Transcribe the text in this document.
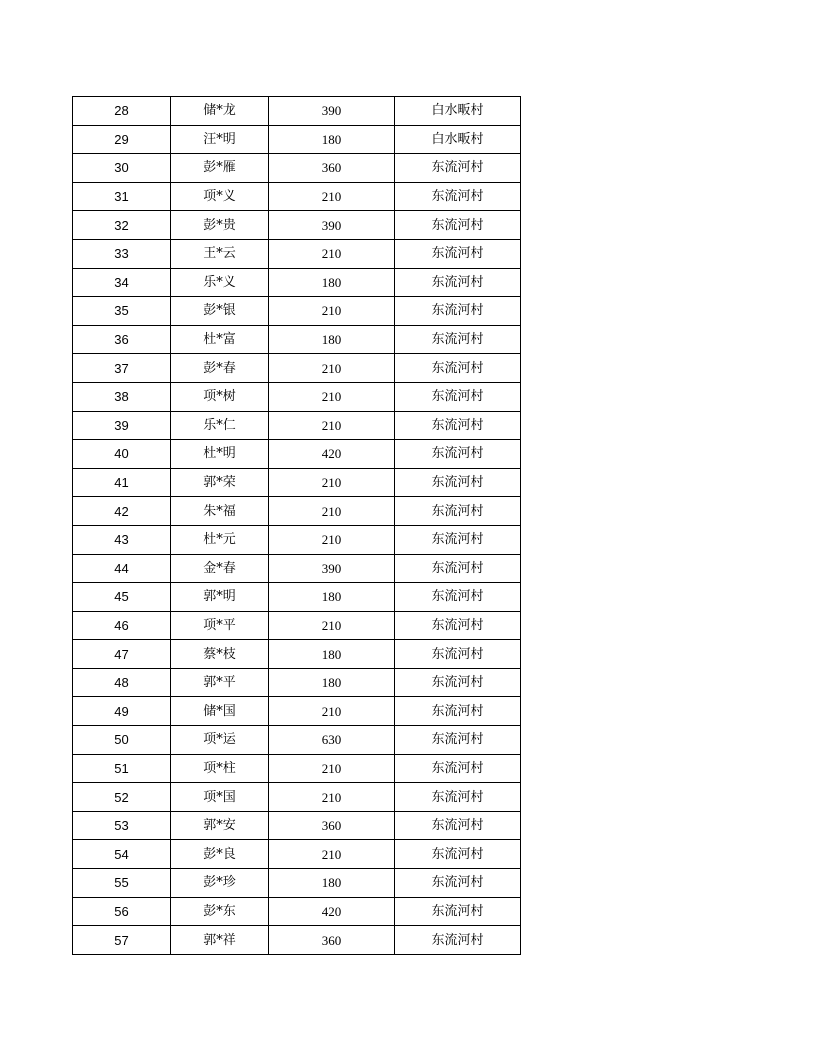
28	储*龙	390	白水畈村
29	汪*明	180	白水畈村
30	彭*雁	360	东流河村
31	项*义	210	东流河村
32	彭*贵	390	东流河村
33	王*云	210	东流河村
34	乐*义	180	东流河村
35	彭*银	210	东流河村
36	杜*富	180	东流河村
37	彭*春	210	东流河村
38	项*树	210	东流河村
39	乐*仁	210	东流河村
40	杜*明	420	东流河村
41	郭*荣	210	东流河村
42	朱*福	210	东流河村
43	杜*元	210	东流河村
44	金*春	390	东流河村
45	郭*明	180	东流河村
46	项*平	210	东流河村
47	蔡*枝	180	东流河村
48	郭*平	180	东流河村
49	储*国	210	东流河村
50	项*运	630	东流河村
51	项*柱	210	东流河村
52	项*国	210	东流河村
53	郭*安	360	东流河村
54	彭*良	210	东流河村
55	彭*珍	180	东流河村
56	彭*东	420	东流河村
57	郭*祥	360	东流河村
